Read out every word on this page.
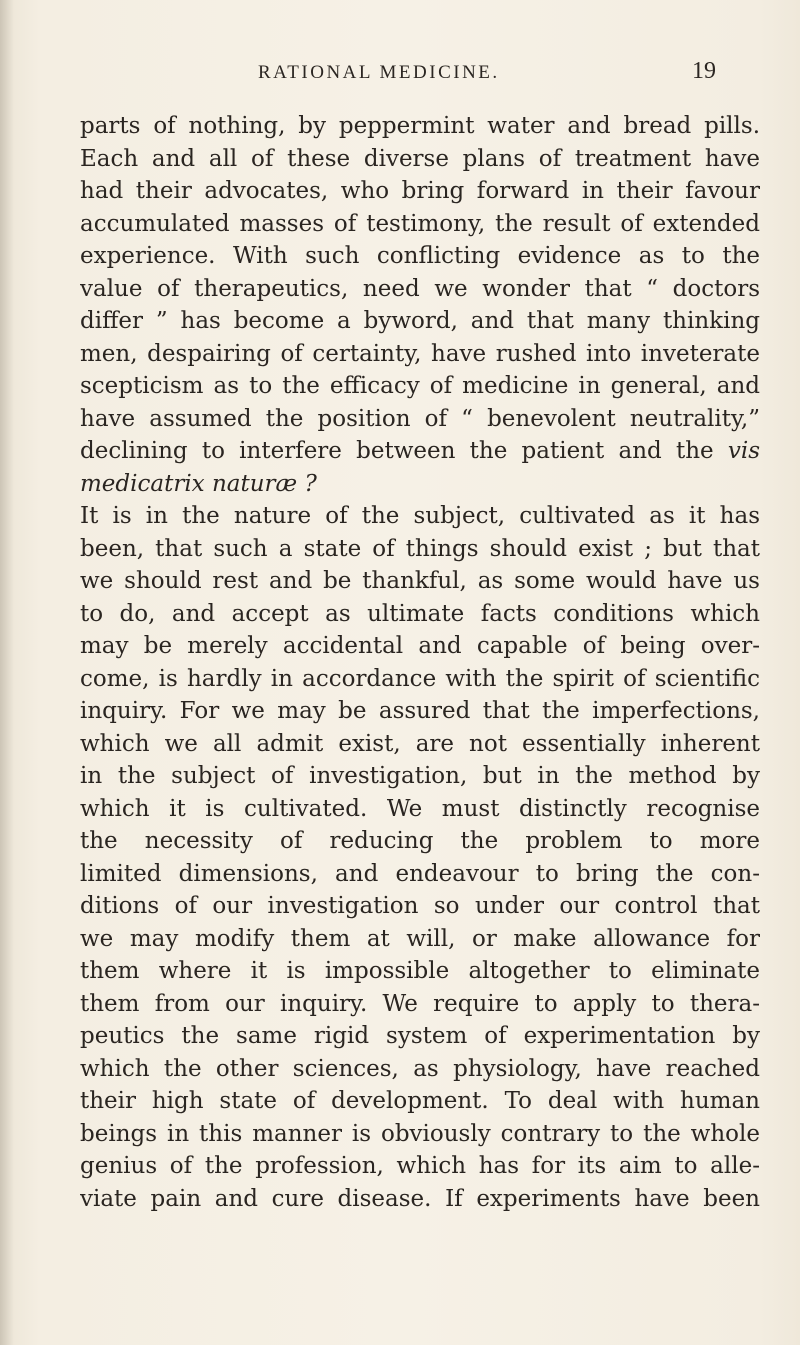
RATIONAL MEDICINE.	19
parts of nothing, by peppermint water and bread pills.
Each and all of these diverse plans of treatment have
had their advocates, who bring forward in their favour
accumulated masses of testimony, the result of extended
experience. With such conflicting evidence as to the
value of therapeutics, need we wonder that “ doctors
differ ” has become a byword, and that many thinking
men, despairing of certainty, have rushed into inveterate
scepticism as to the efficacy of medicine in general, and
have assumed the position of “ benevolent neutrality,”
declining to interfere between the patient and the vis
medicatrix naturæ ?
It is in the nature of the subject, cultivated as it has
been, that such a state of things should exist ; but that
we should rest and be thankful, as some would have us
to do, and accept as ultimate facts conditions which
may be merely accidental and capable of being over-
come, is hardly in accordance with the spirit of scientific
inquiry. For we may be assured that the imperfections,
which we all admit exist, are not essentially inherent
in the subject of investigation, but in the method by
which it is cultivated. We must distinctly recognise
the necessity of reducing the problem to more
limited dimensions, and endeavour to bring the con-
ditions of our investigation so under our control that
we may modify them at will, or make allowance for
them where it is impossible altogether to eliminate
them from our inquiry. We require to apply to thera-
peutics the same rigid system of experimentation by
which the other sciences, as physiology, have reached
their high state of development. To deal with human
beings in this manner is obviously contrary to the whole
genius of the profession, which has for its aim to alle-
viate pain and cure disease. If experiments have been
